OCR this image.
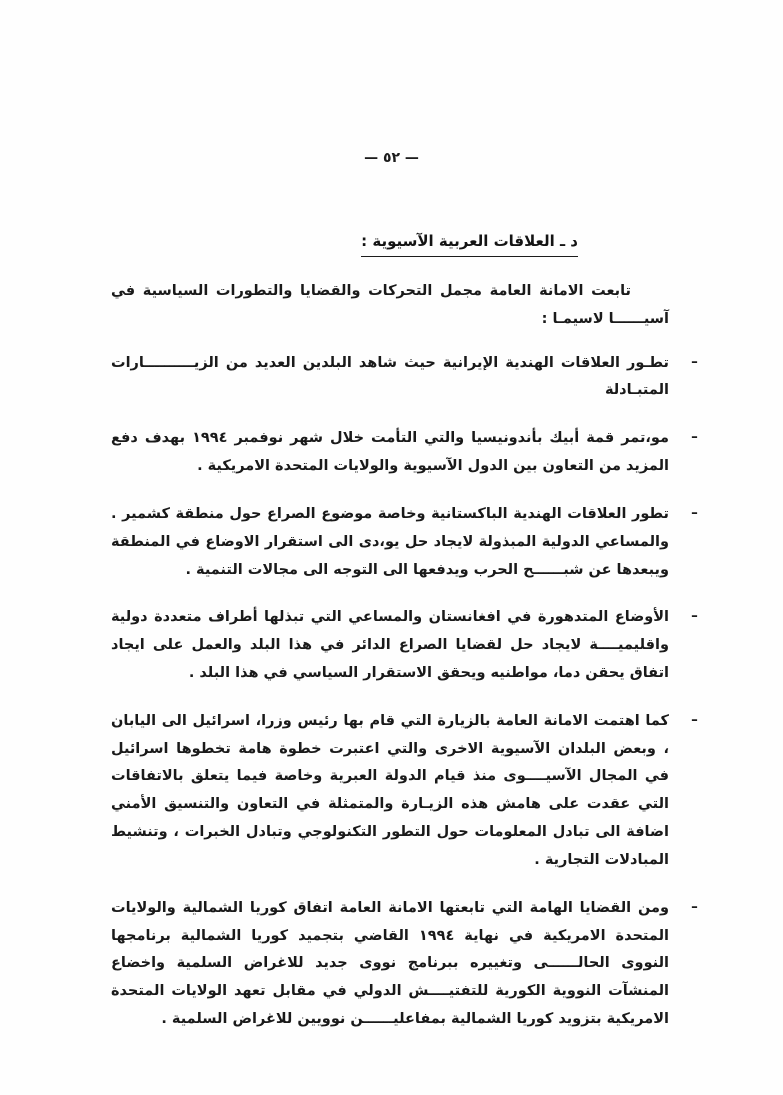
— ٥٢ —
د ـ العلاقات العربية الآسيوية :

تابعت الامانة العامة مجمل التحركات والقضايا والتطورات السياسية في آسيــــــا لاسيمـا :

ـ

تطـور العلاقات الهندية الإيرانية حيث شاهد البلدين العديد من الزيــــــــــارات المتبـادلة

ـ

مو،تمر قمة أبيك بأندونيسيا والتي التأمت خلال شهر نوفمبر ١٩٩٤ بهدف دفع المزيد من التعاون بين الدول الآسيوية والولايات المتحدة الامريكية .

ـ

تطور العلاقات الهندية الباكستانية وخاصة موضوع الصراع حول منطقة كشمير . والمساعي الدولية المبذولة لايجاد حل يو،دى الى استقرار الاوضاع في المنطقة ويبعدها عن شبــــــح الحرب ويدفعها الى التوجه الى مجالات التنمية .

ـ

الأوضاع المتدهورة في افغانستان والمساعي التي تبذلها أطراف متعددة دولية واقليميــــة لايجاد حل لقضايا الصراع الدائر في هذا البلد والعمل على ايجاد اتفاق يحقن دما، مواطنيه ويحقق الاستقرار السياسي في هذا البلد .

ـ

كما اهتمت الامانة العامة بالزيارة التي قام بها رئيس وزرا، اسرائيل الى اليابان ، وبعض البلدان الآسيوية الاخرى والتي اعتبرت خطوة هامة تخطوها اسرائيل في المجال الآسيــــوى منذ قيام الدولة العبرية وخاصة فيما يتعلق بالاتفاقات التي عقدت على هامش هذه الزيـارة والمتمثلة في التعاون والتنسيق الأمني اضافة الى تبادل المعلومات حول التطور التكنولوجي وتبادل الخبرات ، وتنشيط المبادلات التجارية .

ـ

ومن القضايا الهامة التي تابعتها الامانة العامة اتفاق كوريا الشمالية والولايات المتحدة الامريكية في نهاية ١٩٩٤ القاضي بتجميد كوريا الشمالية برنامجها النووى الحالــــــى وتغييره ببرنامج نووى جديد للاغراض السلمية واخضاع المنشآت النووية الكورية للتفتيــــش الدولي في مقابل تعهد الولايات المتحدة الامريكية بتزويد كوريا الشمالية بمفاعليــــــن نوويين للاغراض السلمية .
